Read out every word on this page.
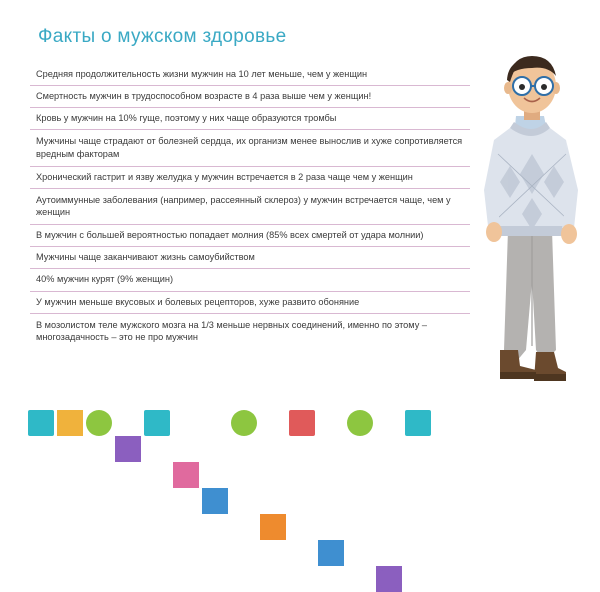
Факты о мужском здоровье
Средняя продолжительность жизни мужчин на 10 лет меньше, чем у женщин
Смертность мужчин в трудоспособном возрасте в 4 раза выше чем у женщин!
Кровь у мужчин на 10% гуще, поэтому у них чаще образуются тромбы
Мужчины чаще страдают от болезней сердца, их организм менее вынослив и хуже сопротивляется вредным факторам
Хронический гастрит и язву желудка у мужчин встречается в 2 раза чаще чем у женщин
Аутоиммунные заболевания (например, рассеянный склероз) у мужчин встречается чаще, чем у женщин
В мужчин с большей вероятностью попадает молния (85% всех смертей от удара молнии)
Мужчины чаще заканчивают жизнь самоубийством
40% мужчин курят (9% женщин)
У мужчин меньше вкусовых и болевых рецепторов, хуже развито обоняние
В мозолистом теле мужского мозга на 1/3 меньше нервных соединений, именно по этому – многозадачность – это не про мужчин
